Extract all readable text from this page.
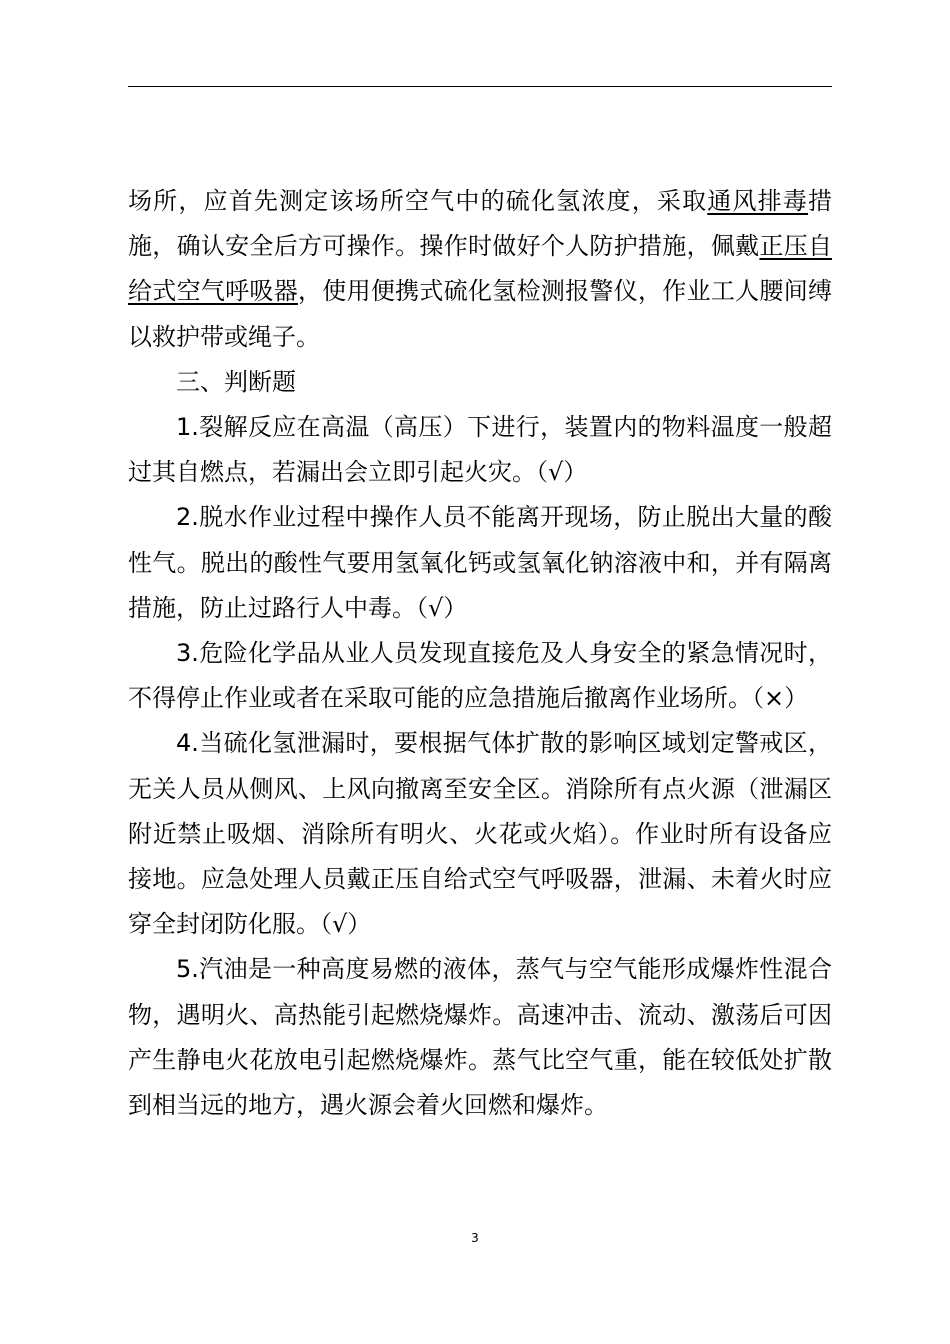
场所，应首先测定该场所空气中的硫化氢浓度，采取通风排毒措施，确认安全后方可操作。操作时做好个人防护措施，佩戴正压自给式空气呼吸器，使用便携式硫化氢检测报警仪，作业工人腰间缚以救护带或绳子。

三、判断题

1.裂解反应在高温（高压）下进行，装置内的物料温度一般超过其自燃点，若漏出会立即引起火灾。（√）

2.脱水作业过程中操作人员不能离开现场，防止脱出大量的酸性气。脱出的酸性气要用氢氧化钙或氢氧化钠溶液中和，并有隔离措施，防止过路行人中毒。（√）

3.危险化学品从业人员发现直接危及人身安全的紧急情况时，不得停止作业或者在采取可能的应急措施后撤离作业场所。（×）

4.当硫化氢泄漏时，要根据气体扩散的影响区域划定警戒区，无关人员从侧风、上风向撤离至安全区。消除所有点火源（泄漏区附近禁止吸烟、消除所有明火、火花或火焰）。作业时所有设备应接地。应急处理人员戴正压自给式空气呼吸器，泄漏、未着火时应穿全封闭防化服。（√）

5.汽油是一种高度易燃的液体，蒸气与空气能形成爆炸性混合物，遇明火、高热能引起燃烧爆炸。高速冲击、流动、激荡后可因产生静电火花放电引起燃烧爆炸。蒸气比空气重，能在较低处扩散到相当远的地方，遇火源会着火回燃和爆炸。

3
